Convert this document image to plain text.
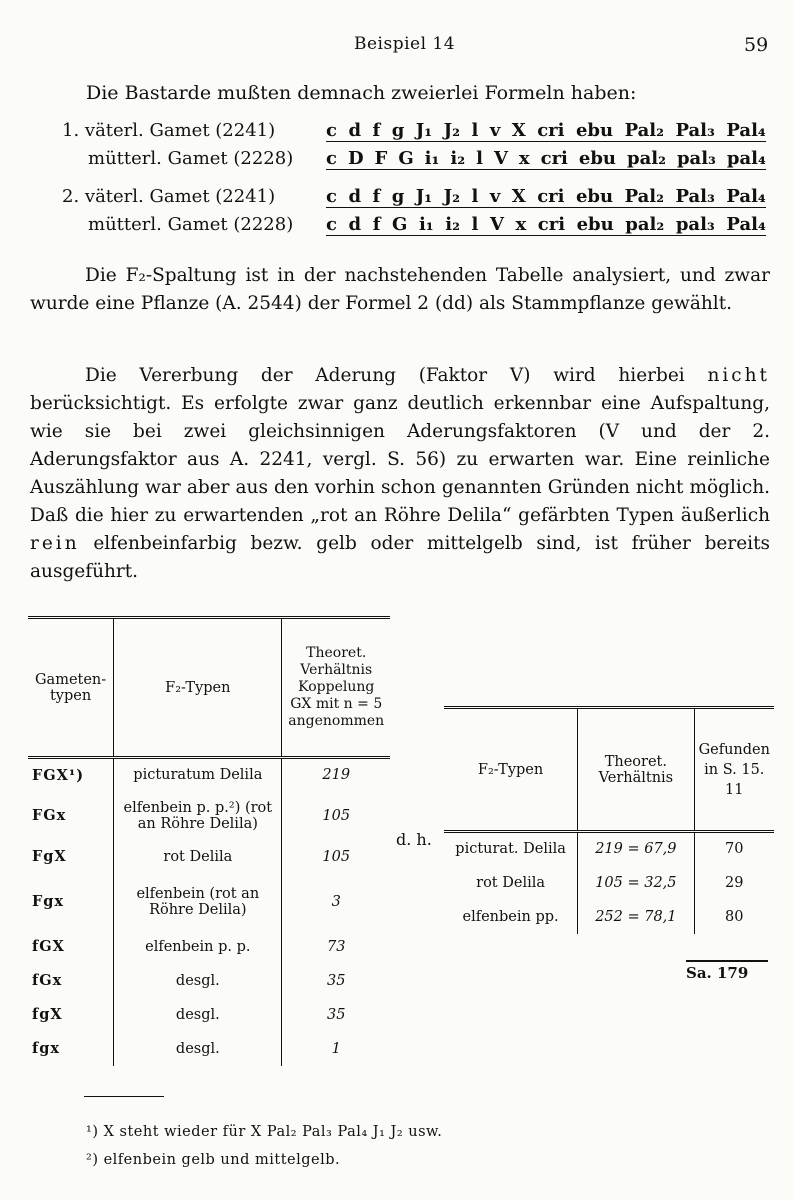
Beispiel 14	59
Die Bastarde mußten demnach zweierlei Formeln haben:
1. väterl. Gamet (2241)	c d f g J₁ J₂ l v X cri ebu Pal₂ Pal₃ Pal₄
mütterl. Gamet (2228) c D F G i₁ i₂ l V x cri ebu pal₂ pal₃ pal₄
2. väterl. Gamet (2241)	c d f g J₁ J₂ l v X cri ebu Pal₂ Pal₃ Pal₄
mütterl. Gamet (2228) c d f G i₁ i₂ l V x cri ebu pal₂ pal₃ Pal₄
Die F₂-Spaltung ist in der nachstehenden Tabelle analysiert, und zwar wurde eine Pflanze (A. 2544) der Formel 2 (dd) als Stammpflanze gewählt.
Die Vererbung der Aderung (Faktor V) wird hierbei nicht berücksichtigt. Es erfolgte zwar ganz deutlich erkennbar eine Aufspaltung, wie sie bei zwei gleichsinnigen Aderungsfaktoren (V und der 2. Aderungsfaktor aus A. 2241, vergl. S. 56) zu erwarten war. Eine reinliche Auszählung war aber aus den vorhin schon genannten Gründen nicht möglich. Daß die hier zu erwartenden „rot an Röhre Delila“ gefärbten Typen äußerlich rein elfenbeinfarbig bezw. gelb oder mittelgelb sind, ist früher bereits ausgeführt.
Gameten-typen	F₂-Typen	Theoret. Verhältnis Koppelung GX mit n = 5 angenommen
FGX¹)	picturatum Delila	219
FGx	elfenbein p. p.²) (rot an Röhre Delila)	105
FgX	rot Delila	105
Fgx	elfenbein (rot an Röhre Delila)	3
fGX	elfenbein p. p.	73
fGx	desgl.	35
fgX	desgl.	35
fgx	desgl.	1
d. h.
F₂-Typen	Theoret. Verhältnis	Gefunden in S. 15. 11
picturat. Delila	219 = 67,9	70
rot Delila	105 = 32,5	29
elfenbein pp.	252 = 78,1	80
Sa. 179
¹) X steht wieder für X Pal₂ Pal₃ Pal₄ J₁ J₂ usw.
²) elfenbein gelb und mittelgelb.
